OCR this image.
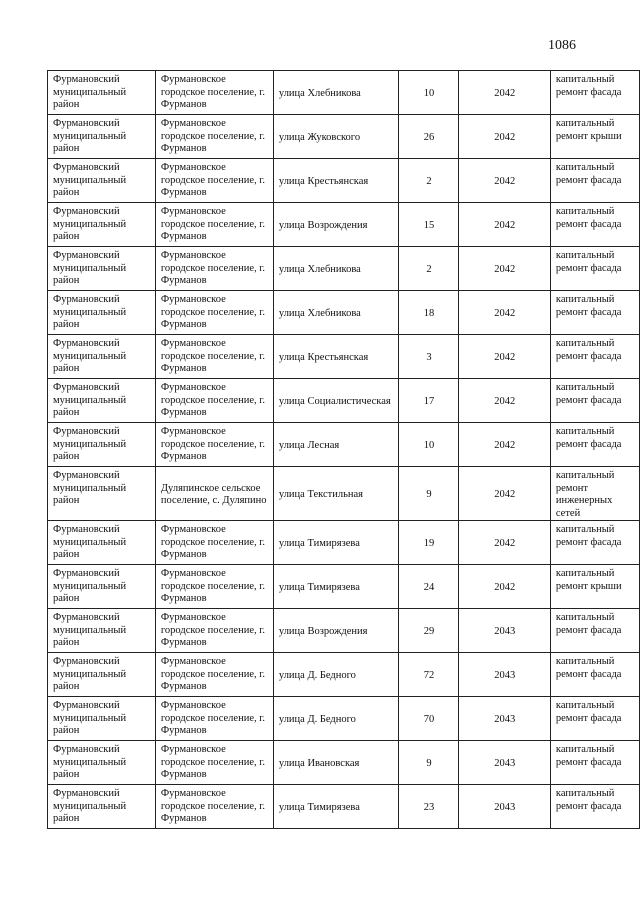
1086
Фурмановский муниципальный район	Фурмановское городское поселение, г. Фурманов	улица Хлебникова	10	2042	капитальный ремонт фасада
Фурмановский муниципальный район	Фурмановское городское поселение, г. Фурманов	улица Жуковского	26	2042	капитальный ремонт крыши
Фурмановский муниципальный район	Фурмановское городское поселение, г. Фурманов	улица Крестьянская	2	2042	капитальный ремонт фасада
Фурмановский муниципальный район	Фурмановское городское поселение, г. Фурманов	улица Возрождения	15	2042	капитальный ремонт фасада
Фурмановский муниципальный район	Фурмановское городское поселение, г. Фурманов	улица Хлебникова	2	2042	капитальный ремонт фасада
Фурмановский муниципальный район	Фурмановское городское поселение, г. Фурманов	улица Хлебникова	18	2042	капитальный ремонт фасада
Фурмановский муниципальный район	Фурмановское городское поселение, г. Фурманов	улица Крестьянская	3	2042	капитальный ремонт фасада
Фурмановский муниципальный район	Фурмановское городское поселение, г. Фурманов	улица Социалистическая	17	2042	капитальный ремонт фасада
Фурмановский муниципальный район	Фурмановское городское поселение, г. Фурманов	улица Лесная	10	2042	капитальный ремонт фасада
Фурмановский муниципальный район	Дуляпинское сельское поселение, с. Дуляпино	улица Текстильная	9	2042	капитальный ремонт инженерных сетей
Фурмановский муниципальный район	Фурмановское городское поселение, г. Фурманов	улица Тимирязева	19	2042	капитальный ремонт фасада
Фурмановский муниципальный район	Фурмановское городское поселение, г. Фурманов	улица Тимирязева	24	2042	капитальный ремонт крыши
Фурмановский муниципальный район	Фурмановское городское поселение, г. Фурманов	улица Возрождения	29	2043	капитальный ремонт фасада
Фурмановский муниципальный район	Фурмановское городское поселение, г. Фурманов	улица Д. Бедного	72	2043	капитальный ремонт фасада
Фурмановский муниципальный район	Фурмановское городское поселение, г. Фурманов	улица Д. Бедного	70	2043	капитальный ремонт фасада
Фурмановский муниципальный район	Фурмановское городское поселение, г. Фурманов	улица Ивановская	9	2043	капитальный ремонт фасада
Фурмановский муниципальный район	Фурмановское городское поселение, г. Фурманов	улица Тимирязева	23	2043	капитальный ремонт фасада
